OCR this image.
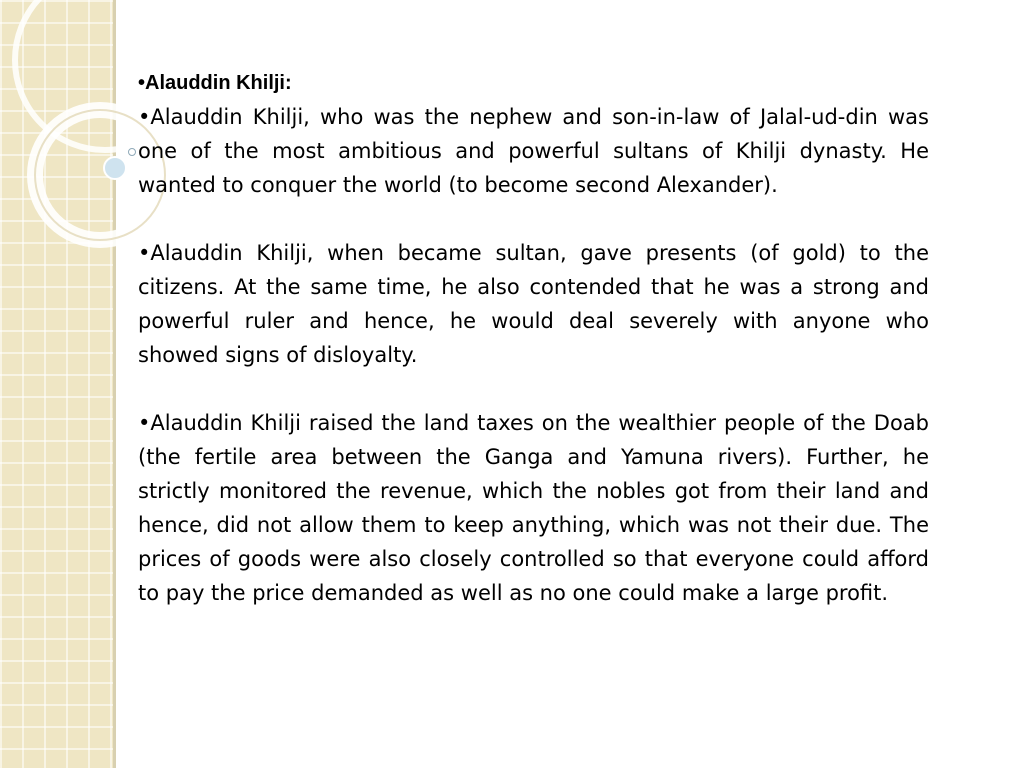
•Alauddin Khilji:

•Alauddin Khilji, who was the nephew and son-in-law of Jalal-ud-din was one of the most ambitious and powerful sultans of Khilji dynasty. He wanted to conquer the world (to become second Alexander).

•Alauddin Khilji, when became sultan, gave presents (of gold) to the citizens. At the same time, he also contended that he was a strong and powerful ruler and hence, he would deal severely with anyone who showed signs of disloyalty.

•Alauddin Khilji raised the land taxes on the wealthier people of the Doab (the fertile area between the Ganga and Yamuna rivers). Further, he strictly monitored the revenue, which the nobles got from their land and hence, did not allow them to keep anything, which was not their due. The prices of goods were also closely controlled so that everyone could afford to pay the price demanded as well as no one could make a large profit.
